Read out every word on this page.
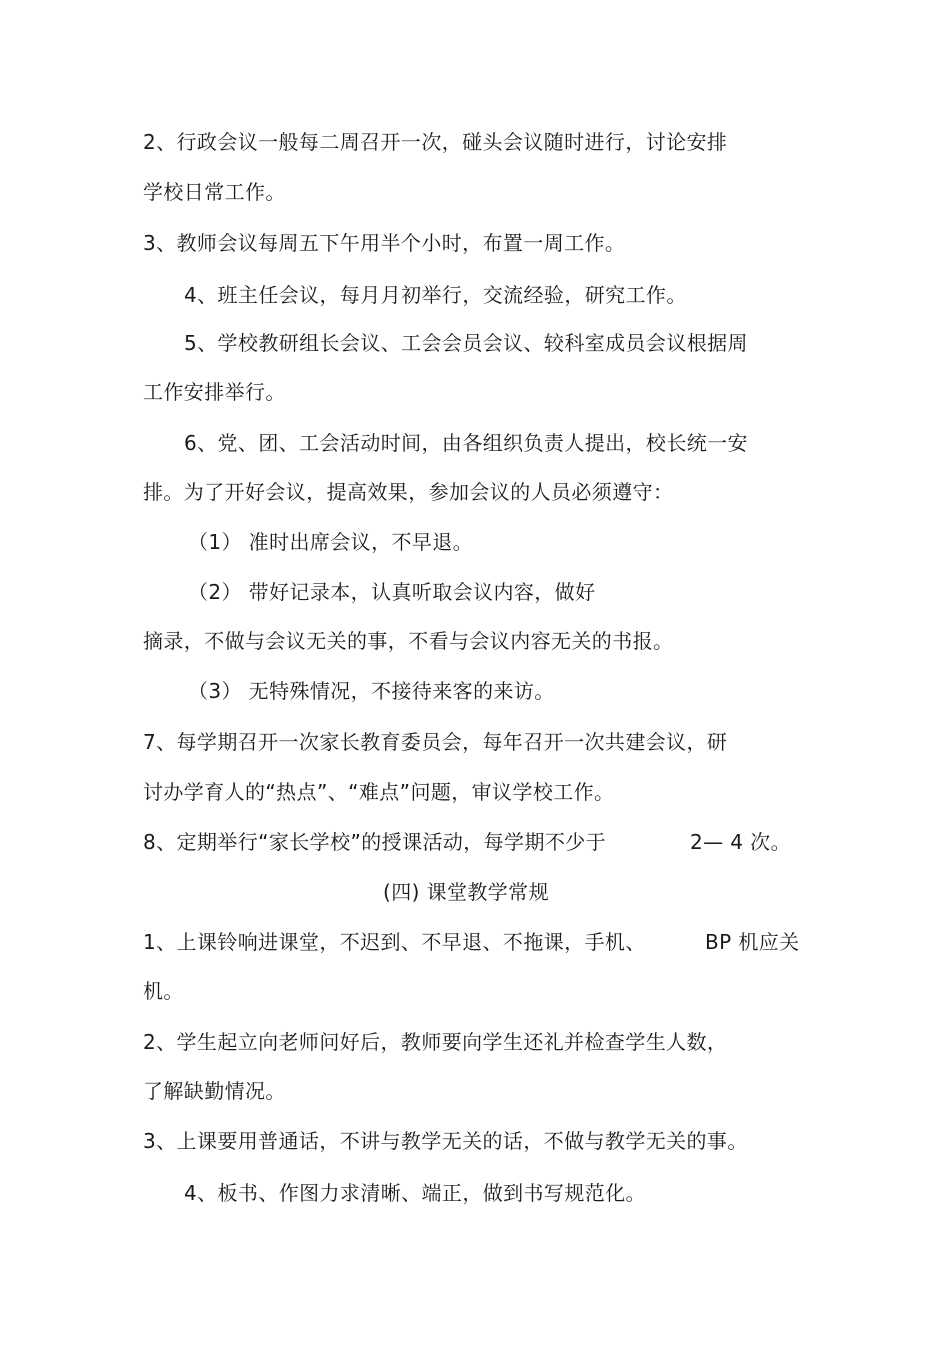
2、行政会议一般每二周召开一次，碰头会议随时进行，讨论安排
学校日常工作。
3、教师会议每周五下午用半个小时，布置一周工作。
4、班主任会议，每月月初举行，交流经验，研究工作。
5、学校教研组长会议、工会会员会议、较科室成员会议根据周
工作安排举行。
6、党、团、工会活动时间，由各组织负责人提出，校长统一安
排。为了开好会议，提高效果，参加会议的人员必须遵守：
（1） 准时出席会议，不早退。
（2） 带好记录本，认真听取会议内容，做好
摘录，不做与会议无关的事，不看与会议内容无关的书报。
（3） 无特殊情况，不接待来客的来访。
7、每学期召开一次家长教育委员会，每年召开一次共建会议，研
讨办学育人的“热点”、“难点”问题，审议学校工作。
8、定期举行“家长学校”的授课活动，每学期不少于	2— 4 次。
(四) 课堂教学常规
1、上课铃响进课堂，不迟到、不早退、不拖课，手机、	BP 机应关
机。
2、学生起立向老师问好后，教师要向学生还礼并检查学生人数，
了解缺勤情况。
3、上课要用普通话，不讲与教学无关的话，不做与教学无关的事。
4、板书、作图力求清晰、端正，做到书写规范化。
